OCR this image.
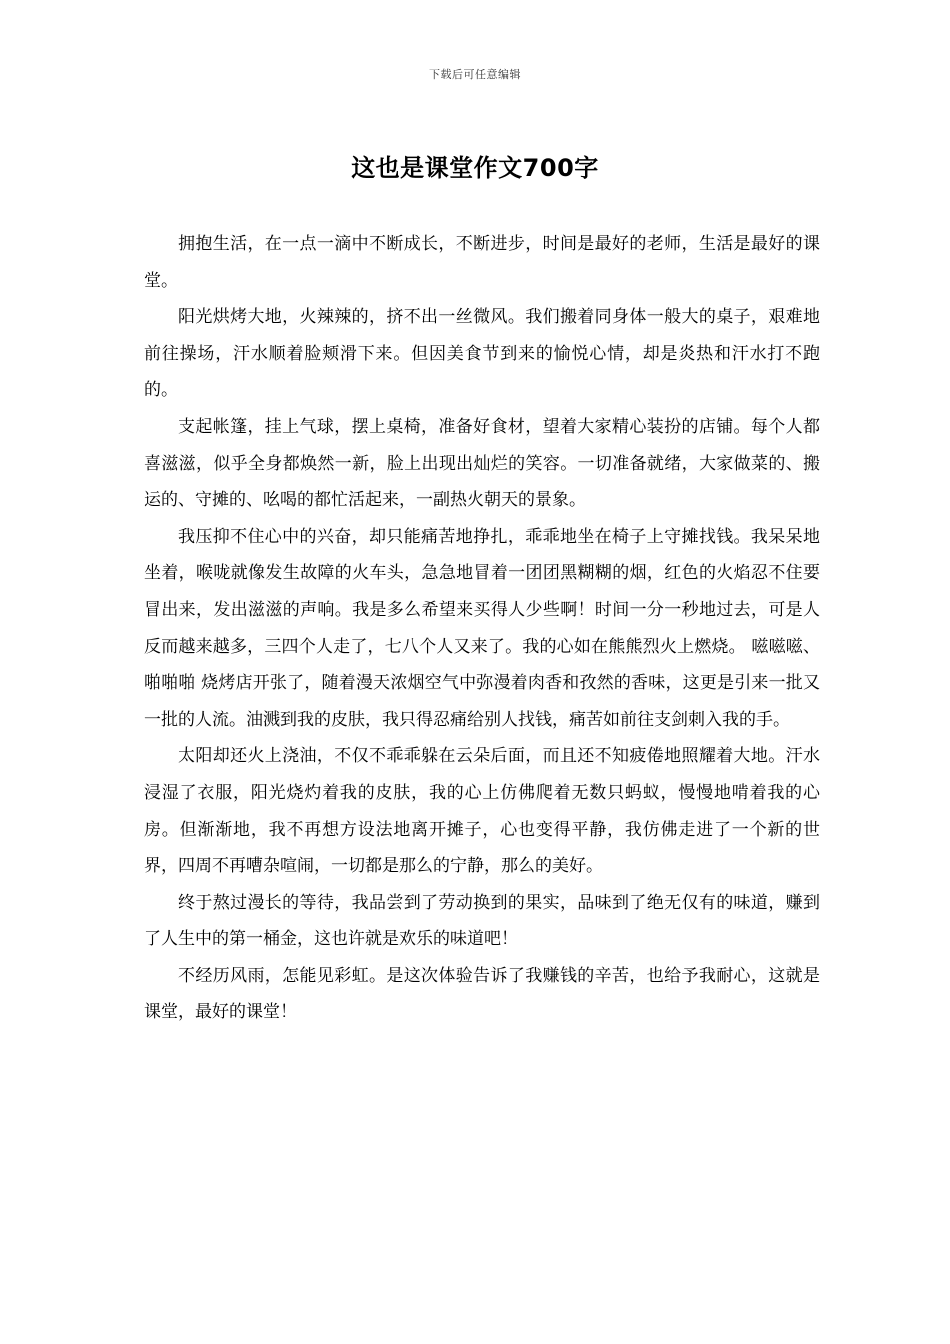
下载后可任意编辑
这也是课堂作文700字

拥抱生活，在一点一滴中不断成长，不断进步，时间是最好的老师，生活是最好的课堂。

阳光烘烤大地，火辣辣的，挤不出一丝微风。我们搬着同身体一般大的桌子，艰难地前往操场，汗水顺着脸颊滑下来。但因美食节到来的愉悦心情，却是炎热和汗水打不跑的。

支起帐篷，挂上气球，摆上桌椅，准备好食材，望着大家精心装扮的店铺。每个人都喜滋滋，似乎全身都焕然一新，脸上出现出灿烂的笑容。一切准备就绪，大家做菜的、搬运的、守摊的、吆喝的都忙活起来，一副热火朝天的景象。

我压抑不住心中的兴奋，却只能痛苦地挣扎，乖乖地坐在椅子上守摊找钱。我呆呆地坐着，喉咙就像发生故障的火车头，急急地冒着一团团黑糊糊的烟，红色的火焰忍不住要冒出来，发出滋滋的声响。我是多么希望来买得人少些啊！时间一分一秒地过去，可是人反而越来越多，三四个人走了，七八个人又来了。我的心如在熊熊烈火上燃烧。 嗞嗞嗞、啪啪啪 烧烤店开张了，随着漫天浓烟空气中弥漫着肉香和孜然的香味，这更是引来一批又一批的人流。油溅到我的皮肤，我只得忍痛给别人找钱，痛苦如前往支剑刺入我的手。

太阳却还火上浇油，不仅不乖乖躲在云朵后面，而且还不知疲倦地照耀着大地。汗水浸湿了衣服，阳光烧灼着我的皮肤，我的心上仿佛爬着无数只蚂蚁，慢慢地啃着我的心房。但渐渐地，我不再想方设法地离开摊子，心也变得平静，我仿佛走进了一个新的世界，四周不再嘈杂喧闹，一切都是那么的宁静，那么的美好。

终于熬过漫长的等待，我品尝到了劳动换到的果实，品味到了绝无仅有的味道，赚到了人生中的第一桶金，这也许就是欢乐的味道吧！

不经历风雨，怎能见彩虹。是这次体验告诉了我赚钱的辛苦，也给予我耐心，这就是课堂，最好的课堂！
